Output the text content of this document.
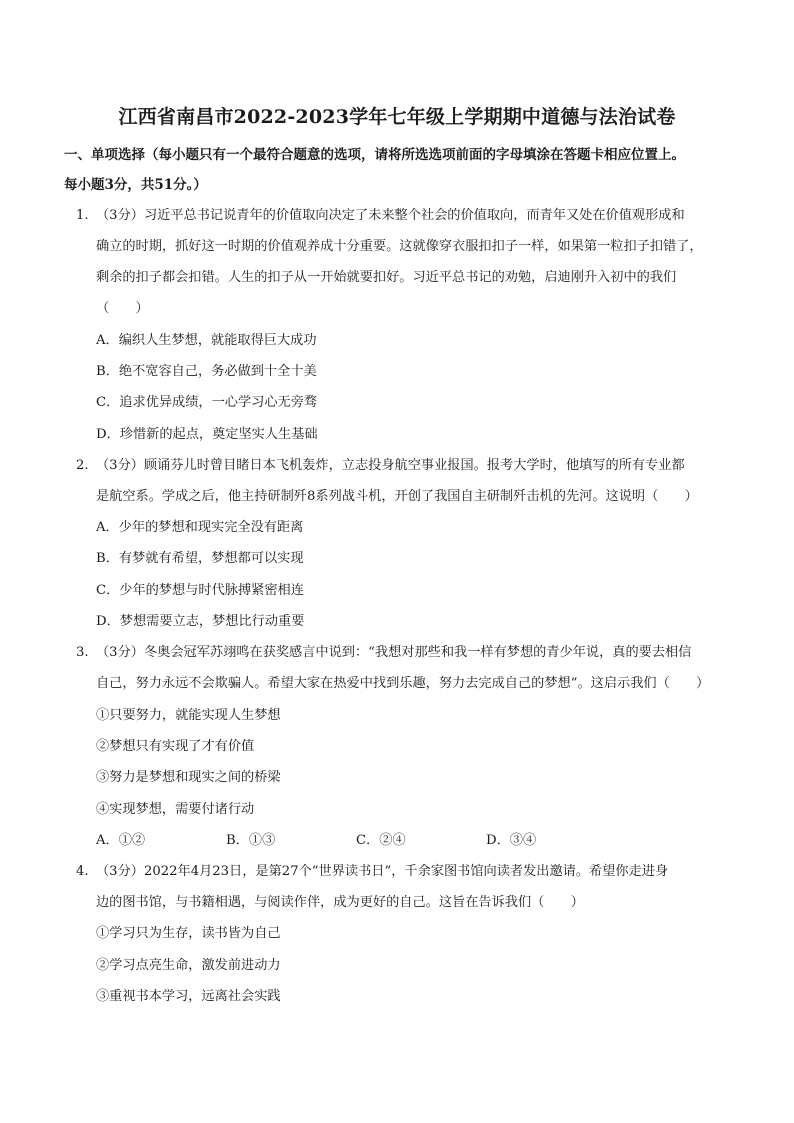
江西省南昌市2022-2023学年七年级上学期期中道德与法治试卷
一、单项选择（每小题只有一个最符合题意的选项，请将所选选项前面的字母填涂在答题卡相应位置上。
每小题3分，共51分。）
1. （3分）习近平总书记说青年的价值取向决定了未来整个社会的价值取向，而青年又处在价值观形成和
确立的时期，抓好这一时期的价值观养成十分重要。这就像穿衣服扣扣子一样，如果第一粒扣子扣错了，
剩余的扣子都会扣错。人生的扣子从一开始就要扣好。习近平总书记的劝勉，启迪刚升入初中的我们
（　　）
A．编织人生梦想，就能取得巨大成功
B．绝不宽容自己，务必做到十全十美
C．追求优异成绩，一心学习心无旁骛
D．珍惜新的起点，奠定坚实人生基础
2. （3分）顾诵芬儿时曾目睹日本飞机轰炸，立志投身航空事业报国。报考大学时，他填写的所有专业都
是航空系。学成之后，他主持研制歼8系列战斗机，开创了我国自主研制歼击机的先河。这说明（　　）
A．少年的梦想和现实完全没有距离
B．有梦就有希望，梦想都可以实现
C．少年的梦想与时代脉搏紧密相连
D．梦想需要立志，梦想比行动重要
3. （3分）冬奥会冠军苏翊鸣在获奖感言中说到：“我想对那些和我一样有梦想的青少年说，真的要去相信
自己，努力永远不会欺骗人。希望大家在热爱中找到乐趣，努力去完成自己的梦想”。这启示我们（　　）
①只要努力，就能实现人生梦想
②梦想只有实现了才有价值
③努力是梦想和现实之间的桥梁
④实现梦想，需要付诸行动
A．①②	B．①③	C．②④	D．③④
4. （3分）2022年4月23日，是第27个“世界读书日”，千余家图书馆向读者发出邀请。希望你走进身
边的图书馆，与书籍相遇，与阅读作伴，成为更好的自己。这旨在告诉我们（　　）
①学习只为生存，读书皆为自己
②学习点亮生命，激发前进动力
③重视书本学习，远离社会实践
